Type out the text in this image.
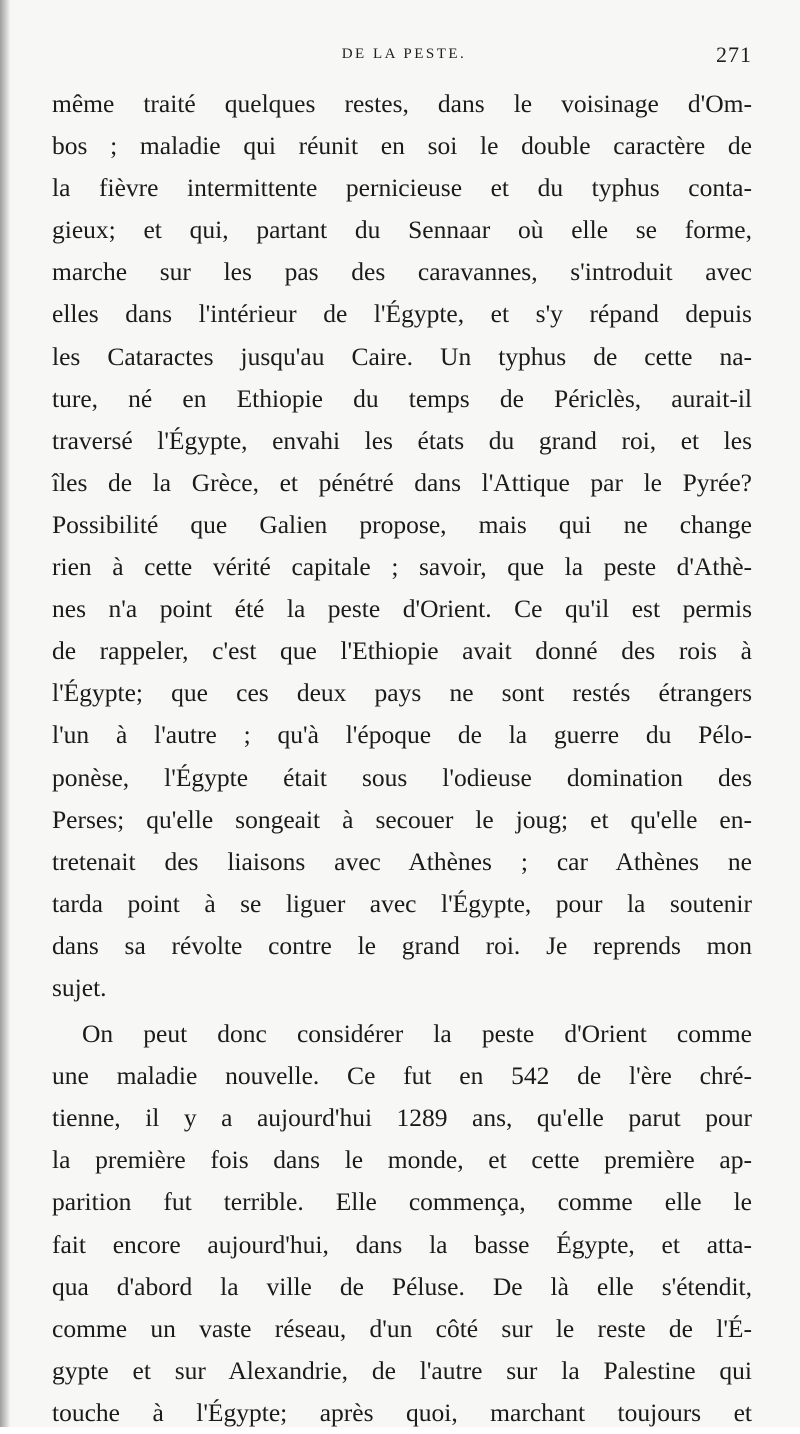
DE LA PESTE.	271
même traité quelques restes, dans le voisinage d'Om-
bos ; maladie qui réunit en soi le double caractère de
la fièvre intermittente pernicieuse et du typhus conta-
gieux; et qui, partant du Sennaar où elle se forme,
marche sur les pas des caravannes, s'introduit avec
elles dans l'intérieur de l'Égypte, et s'y répand depuis
les Cataractes jusqu'au Caire. Un typhus de cette na-
ture, né en Ethiopie du temps de Périclès, aurait-il
traversé l'Égypte, envahi les états du grand roi, et les
îles de la Grèce, et pénétré dans l'Attique par le Pyrée?
Possibilité que Galien propose, mais qui ne change
rien à cette vérité capitale ; savoir, que la peste d'Athè-
nes n'a point été la peste d'Orient. Ce qu'il est permis
de rappeler, c'est que l'Ethiopie avait donné des rois à
l'Égypte; que ces deux pays ne sont restés étrangers
l'un à l'autre ; qu'à l'époque de la guerre du Pélo-
ponèse, l'Égypte était sous l'odieuse domination des
Perses; qu'elle songeait à secouer le joug; et qu'elle en-
tretenait des liaisons avec Athènes ; car Athènes ne
tarda point à se liguer avec l'Égypte, pour la soutenir
dans sa révolte contre le grand roi. Je reprends mon
sujet.
On peut donc considérer la peste d'Orient comme
une maladie nouvelle. Ce fut en 542 de l'ère chré-
tienne, il y a aujourd'hui 1289 ans, qu'elle parut pour
la première fois dans le monde, et cette première ap-
parition fut terrible. Elle commença, comme elle le
fait encore aujourd'hui, dans la basse Égypte, et atta-
qua d'abord la ville de Péluse. De là elle s'étendit,
comme un vaste réseau, d'un côté sur le reste de l'É-
gypte et sur Alexandrie, de l'autre sur la Palestine qui
touche à l'Égypte; après quoi, marchant toujours et
